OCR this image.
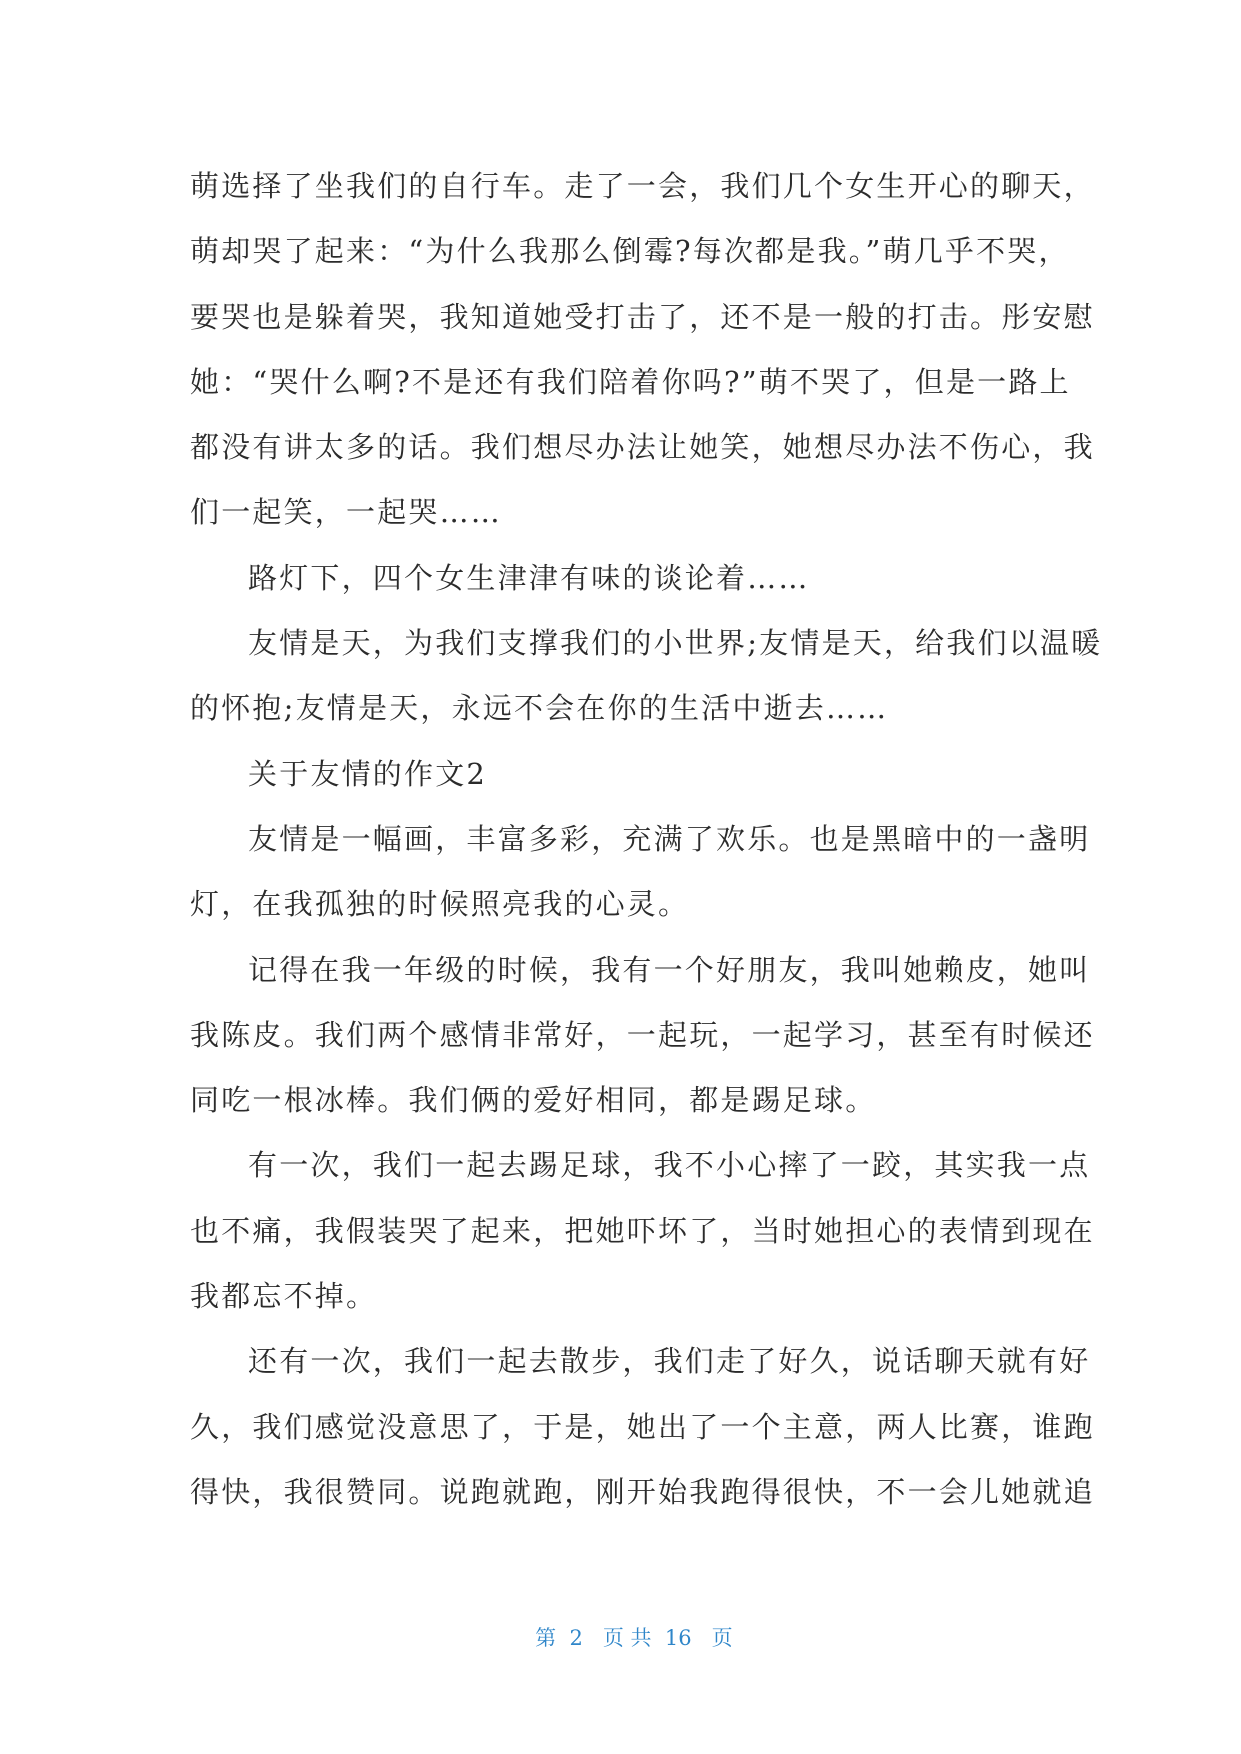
萌选择了坐我们的自行车。走了一会，我们几个女生开心的聊天，
萌却哭了起来：“为什么我那么倒霉?每次都是我。”萌几乎不哭，
要哭也是躲着哭，我知道她受打击了，还不是一般的打击。彤安慰
她：“哭什么啊?不是还有我们陪着你吗?”萌不哭了，但是一路上
都没有讲太多的话。我们想尽办法让她笑，她想尽办法不伤心，我
们一起笑，一起哭……
路灯下，四个女生津津有味的谈论着……
友情是天，为我们支撑我们的小世界;友情是天，给我们以温暖
的怀抱;友情是天，永远不会在你的生活中逝去……
关于友情的作文2
友情是一幅画，丰富多彩，充满了欢乐。也是黑暗中的一盏明
灯，在我孤独的时候照亮我的心灵。
记得在我一年级的时候，我有一个好朋友，我叫她赖皮，她叫
我陈皮。我们两个感情非常好，一起玩，一起学习，甚至有时候还
同吃一根冰棒。我们俩的爱好相同，都是踢足球。
有一次，我们一起去踢足球，我不小心摔了一跤，其实我一点
也不痛，我假装哭了起来，把她吓坏了，当时她担心的表情到现在
我都忘不掉。
还有一次，我们一起去散步，我们走了好久，说话聊天就有好
久，我们感觉没意思了，于是，她出了一个主意，两人比赛，谁跑
得快，我很赞同。说跑就跑，刚开始我跑得很快，不一会儿她就追

第  2   页 共  16   页
